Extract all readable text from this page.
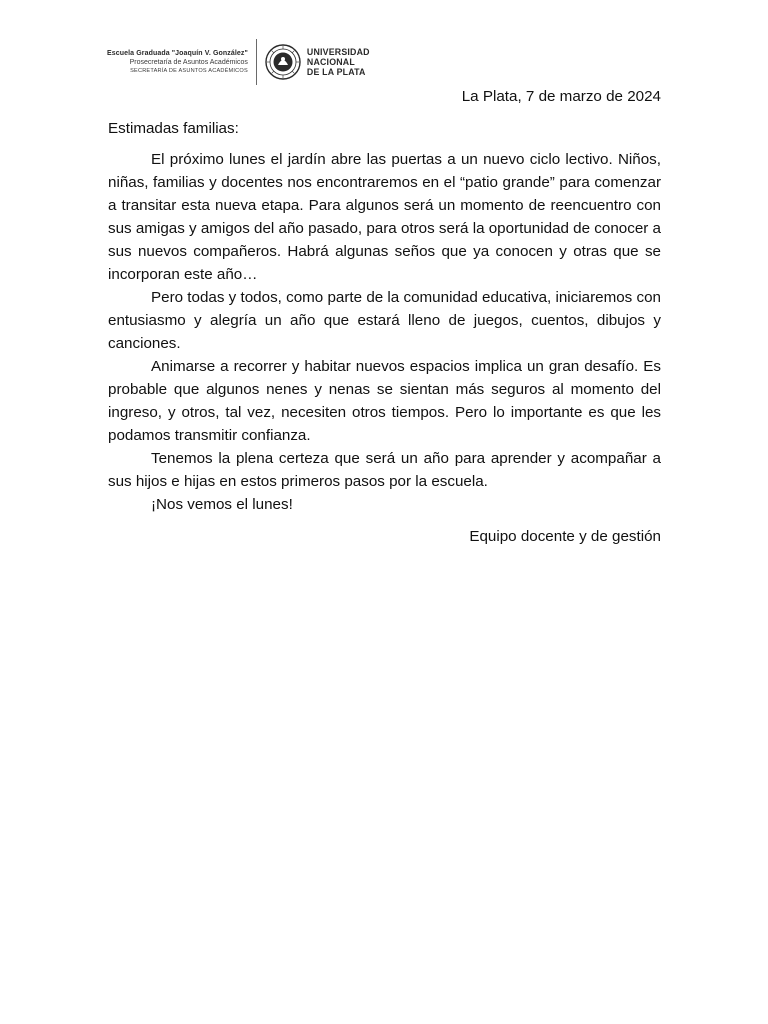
Escuela Graduada "Joaquín V. González"
Prosecretaría de Asuntos Académicos
SECRETARÍA DE ASUNTOS ACADÉMICOS
UNIVERSIDAD
NACIONAL
DE LA PLATA
La Plata, 7 de marzo de 2024
Estimadas familias:

El próximo lunes el jardín abre las puertas a un nuevo ciclo lectivo. Niños, niñas, familias y docentes nos encontraremos en el “patio grande” para comenzar a transitar esta nueva etapa. Para algunos será un momento de reencuentro con sus amigas y amigos del año pasado, para otros será la oportunidad de conocer a sus nuevos compañeros. Habrá algunas seños que ya conocen y otras que se incorporan este año…

Pero todas y todos, como parte de la comunidad educativa, iniciaremos con entusiasmo y alegría un año que estará lleno de juegos, cuentos, dibujos y canciones.

Animarse a recorrer y habitar nuevos espacios implica un gran desafío. Es probable que algunos nenes y nenas se sientan más seguros al momento del ingreso, y otros, tal vez, necesiten otros tiempos. Pero lo importante es que les podamos transmitir confianza.

Tenemos la plena certeza que será un año para aprender y acompañar a sus hijos e hijas en estos primeros pasos por la escuela.

¡Nos vemos el lunes!

Equipo docente y de gestión
